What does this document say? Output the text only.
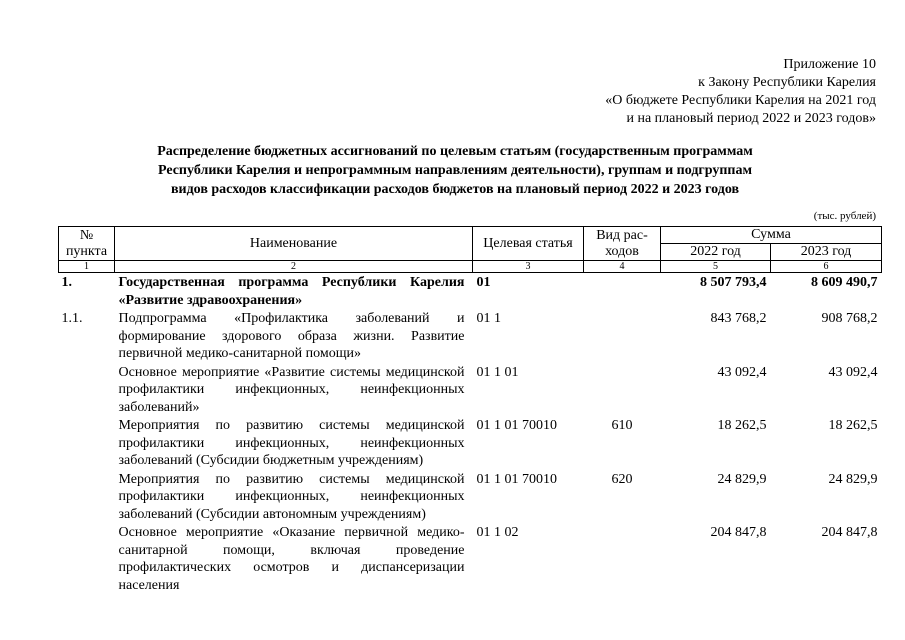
Приложение 10
к Закону Республики Карелия
«О бюджете Республики Карелия на 2021 год
и на плановый период 2022 и 2023 годов»
Распределение бюджетных ассигнований по целевым статьям (государственным программам
Республики Карелия и непрограммным направлениям деятельности), группам и подгруппам
видов расходов классификации расходов бюджетов на плановый период 2022 и 2023 годов
(тыс. рублей)
№ пункта	Наименование	Целевая статья	Вид рас-ходов	Сумма	
				2022 год	2023 год
1	2	3	4	5	6
1.	Государственная программа Республики Карелия «Развитие здравоохранения»	01		8 507 793,4	8 609 490,7
1.1.	Подпрограмма «Профилактика заболеваний и формирование здорового образа жизни. Развитие первичной медико-санитарной помощи»	01 1		843 768,2	908 768,2
	Основное мероприятие «Развитие системы медицинской профилактики инфекционных, неинфекционных заболеваний»	01 1 01		43 092,4	43 092,4
	Мероприятия по развитию системы медицинской профилактики инфекционных, неинфекционных заболеваний (Субсидии бюджетным учреждениям)	01 1 01 70010	610	18 262,5	18 262,5
	Мероприятия по развитию системы медицинской профилактики инфекционных, неинфекционных заболеваний (Субсидии автономным учреждениям)	01 1 01 70010	620	24 829,9	24 829,9
	Основное мероприятие «Оказание первичной медико-санитарной помощи, включая проведение профилактических осмотров и диспансеризации населения	01 1 02		204 847,8	204 847,8
